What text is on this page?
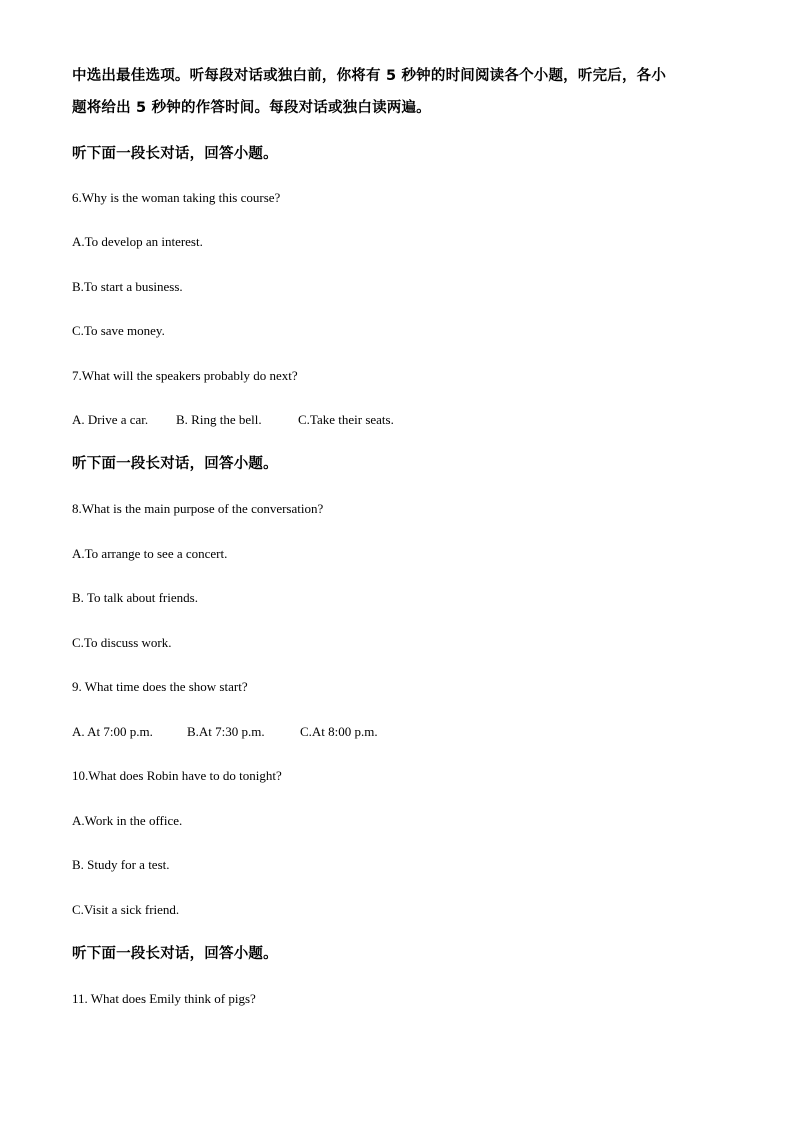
中选出最佳选项。听每段对话或独白前，你将有 5 秒钟的时间阅读各个小题，听完后，各小
题将给出 5 秒钟的作答时间。每段对话或独白读两遍。
听下面一段长对话，回答小题。
6.Why is the woman taking this course?
A.To develop an interest.
B.To start a business.
C.To save money.
7.What will the speakers probably do next?
A. Drive a car. B. Ring the bell.	C.Take their seats.
听下面一段长对话，回答小题。
8.What is the main purpose of the conversation?
A.To arrange to see a concert.
B. To talk about friends.
C.To discuss work.
9. What time does the show start?
A. At 7:00 p.m.	B.At 7:30 p.m.	C.At 8:00 p.m.
10.What does Robin have to do tonight?
A.Work in the office.
B. Study for a test.
C.Visit a sick friend.
听下面一段长对话，回答小题。
11. What does Emily think of pigs?
